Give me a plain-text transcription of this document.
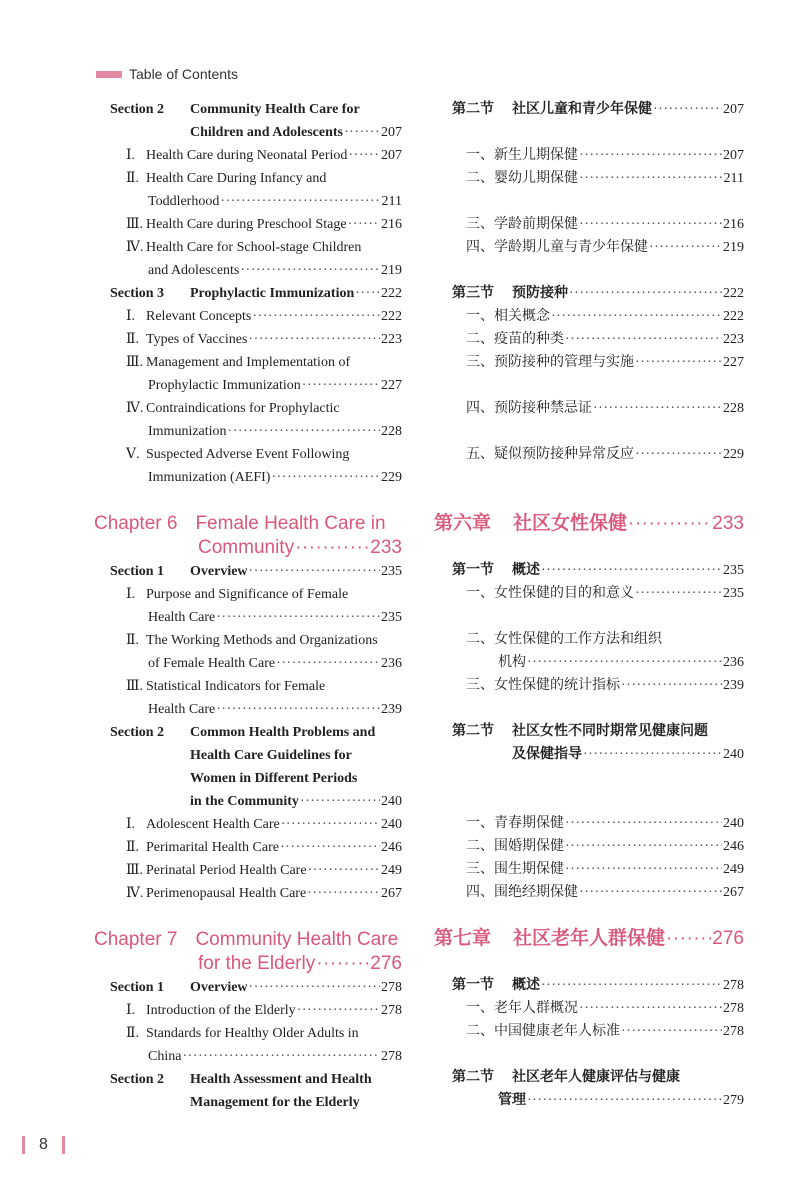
Table of Contents
Section 2	Community Health Care for
Children and Adolescents ·····	207
Ⅰ. Health Care during Neonatal Period ····· 207
Ⅱ. Health Care During Infancy and
Toddlerhood ·····	211
Ⅲ. Health Care during Preschool Stage ····· 216
Ⅳ. Health Care for School-stage Children
and Adolescents ·····	219
Section 3	Prophylactic Immunization ····· 222
Ⅰ. Relevant Concepts ·····	222
Ⅱ. Types of Vaccines ·····	223
Ⅲ. Management and Implementation of
Prophylactic Immunization ·····	227
Ⅳ. Contraindications for Prophylactic
Immunization ·····	228
Ⅴ. Suspected Adverse Event Following
Immunization (AEFI) ·····	229
Chapter 6 Female Health Care in
Community ·····	233
Section 1	Overview ·····	235
Ⅰ. Purpose and Significance of Female
Health Care ·····	235
Ⅱ. The Working Methods and Organizations
of Female Health Care ·····	236
Ⅲ. Statistical Indicators for Female
Health Care ·····	239
Section 2	Common Health Problems and
Health Care Guidelines for
Women in Different Periods
in the Community ·····	240
Ⅰ. Adolescent Health Care ·····	240
Ⅱ. Perimarital Health Care ·····	246
Ⅲ. Perinatal Period Health Care ·····	249
Ⅳ. Perimenopausal Health Care ·····	267
Chapter 7 Community Health Care
for the Elderly ·····	276
Section 1	Overview ·····	278
Ⅰ. Introduction of the Elderly ·····	278
Ⅱ. Standards for Healthy Older Adults in
China ·····	278
Section 2	Health Assessment and Health
Management for the Elderly
第二节	社区儿童和青少年保健 ·····	207
一、新生儿期保健 ·····	207
二、婴幼儿期保健 ·····	211
三、学龄前期保健 ·····	216
四、学龄期儿童与青少年保健 ·····	219
第三节	预防接种 ·····	222
一、相关概念 ·····	222
二、疫苗的种类 ·····	223
三、预防接种的管理与实施 ·····	227
四、预防接种禁忌证 ·····	228
五、疑似预防接种异常反应 ·····	229
第六章 社区女性保健 ·····	233
第一节	概述 ·····	235
一、女性保健的目的和意义 ·····	235
二、女性保健的工作方法和组织
机构 ·····	236
三、女性保健的统计指标 ·····	239
第二节	社区女性不同时期常见健康问题
及保健指导 ·····	240
一、青春期保健 ·····	240
二、围婚期保健 ·····	246
三、围生期保健 ·····	249
四、围绝经期保健 ·····	267
第七章 社区老年人群保健 ····· 276
第一节	概述 ·····	278
一、老年人群概况 ·····	278
二、中国健康老年人标准 ·····	278
第二节	社区老年人健康评估与健康
管理 ·····	279
8
